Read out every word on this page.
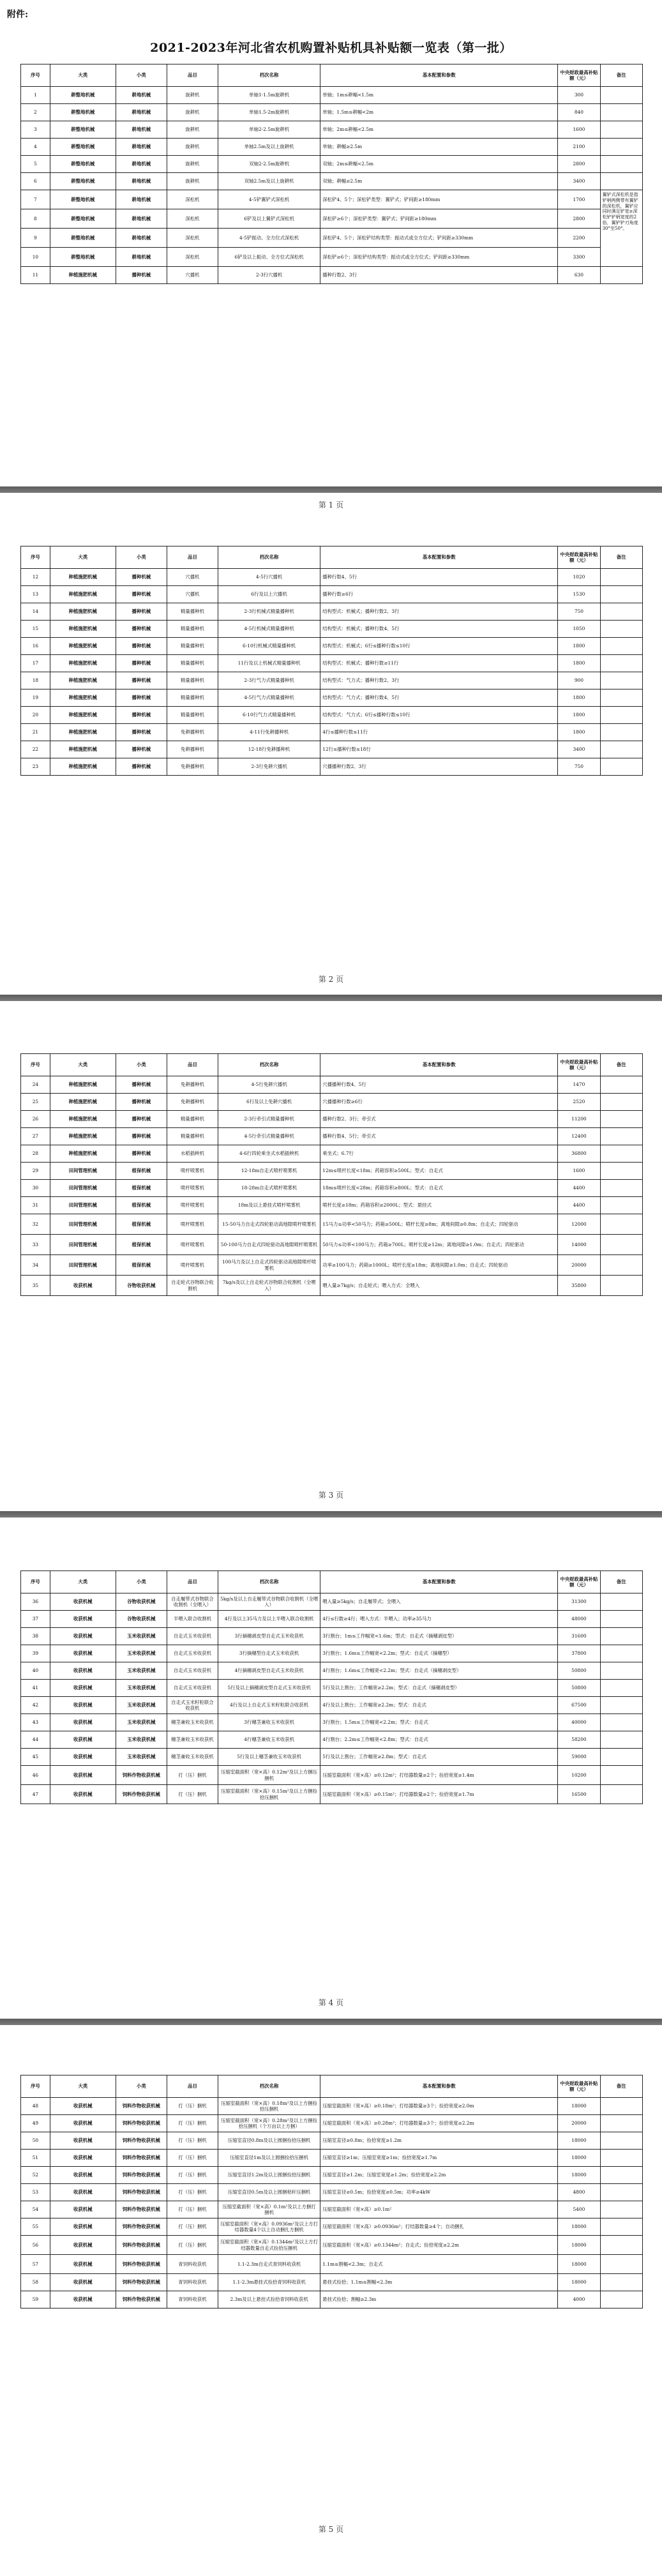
附件:
2021-2023年河北省农机购置补贴机具补贴额一览表（第一批）
序号	大类	小类	品目	档次名称	基本配置和参数	中央财政最高补贴额（元）	备注
1	耕整地机械	耕地机械	旋耕机	单轴1-1.5m旋耕机	单轴；1m≤耕幅<1.5m	300	
2	耕整地机械	耕地机械	旋耕机	单轴1.5-2m旋耕机	单轴；1.5m≤耕幅<2m	840	
3	耕整地机械	耕地机械	旋耕机	单轴2-2.5m旋耕机	单轴；2m≤耕幅<2.5m	1600	
4	耕整地机械	耕地机械	旋耕机	单轴2.5m及以上旋耕机	单轴；耕幅≥2.5m	2100	
5	耕整地机械	耕地机械	旋耕机	双轴2-2.5m旋耕机	双轴；2m≤耕幅<2.5m	2800	
6	耕整地机械	耕地机械	旋耕机	双轴2.5m及以上旋耕机	双轴；耕幅≥2.5m	3400	
7	耕整地机械	耕地机械	深松机	4-5铲翼铲式深松机	深松铲4、5个；深松铲类型：翼铲式；铲间距≥180mm	1700	翼铲式深松机是指铲柄两侧带有翼铲的深松机，翼铲应同时满足铲宽≥深松铲铲柄宽度的2倍，翼铲铲刃角度30°至50°。
8	耕整地机械	耕地机械	深松机	6铲及以上翼铲式深松机	深松铲≥6个；深松铲类型：翼铲式；铲间距≥180mm	2800	
9	耕整地机械	耕地机械	深松机	4-5铲振动、全方位式深松机	深松铲4、5个；深松铲结构类型：振动式或全方位式；铲间距≥330mm	2200	
10	耕整地机械	耕地机械	深松机	6铲及以上振动、全方位式深松机	深松铲≥6个；深松铲结构类型：振动式或全方位式；铲间距≥330mm	3300	
11	种植施肥机械	播种机械	穴播机	2-3行穴播机	播种行数2、3行	630	
第 1 页
序号	大类	小类	品目	档次名称	基本配置和参数	中央财政最高补贴额（元）	备注
12	种植施肥机械	播种机械	穴播机	4-5行穴播机	播种行数4、5行	1020	
13	种植施肥机械	播种机械	穴播机	6行及以上穴播机	播种行数≥6行	1530	
14	种植施肥机械	播种机械	精量播种机	2-3行机械式精量播种机	结构型式：机械式；播种行数2、3行	750	
15	种植施肥机械	播种机械	精量播种机	4-5行机械式精量播种机	结构型式：机械式；播种行数4、5行	1050	
16	种植施肥机械	播种机械	精量播种机	6-10行机械式精量播种机	结构型式：机械式；6行≤播种行数≤10行	1800	
17	种植施肥机械	播种机械	精量播种机	11行及以上机械式精量播种机	结构型式：机械式；播种行数≥11行	1800	
18	种植施肥机械	播种机械	精量播种机	2-3行气力式精量播种机	结构型式：气力式；播种行数2、3行	900	
19	种植施肥机械	播种机械	精量播种机	4-5行气力式精量播种机	结构型式：气力式；播种行数4、5行	1800	
20	种植施肥机械	播种机械	精量播种机	6-10行气力式精量播种机	结构型式：气力式；6行≤播种行数≤10行	1800	
21	种植施肥机械	播种机械	免耕播种机	4-11行免耕播种机	4行≤播种行数≤11行	1800	
22	种植施肥机械	播种机械	免耕播种机	12-18行免耕播种机	12行≤播种行数≤18行	3400	
23	种植施肥机械	播种机械	免耕播种机	2-3行免耕穴播机	穴播播种行数2、3行	750	
第 2 页
序号	大类	小类	品目	档次名称	基本配置和参数	中央财政最高补贴额（元）	备注
24	种植施肥机械	播种机械	免耕播种机	4-5行免耕穴播机	穴播播种行数4、5行	1470	
25	种植施肥机械	播种机械	免耕播种机	6行及以上免耕穴播机	穴播播种行数≥6行	2520	
26	种植施肥机械	播种机械	精量播种机	2-3行牵引式精量播种机	播种行数2、3行；牵引式	11200	
27	种植施肥机械	播种机械	精量播种机	4-5行牵引式精量播种机	播种行数4、5行；牵引式	12400	
28	种植施肥机械	播种机械	水稻插秧机	4-6行四轮乘坐式水稻插秧机	乘坐式；6.7行	36800	
29	田间管理机械	植保机械	喷杆喷雾机	12-18m自走式喷杆喷雾机	12m≤喷杆长度<18m；药箱容积≥500L；型式：自走式	1600	
30	田间管理机械	植保机械	喷杆喷雾机	18-28m自走式喷杆喷雾机	18m≤喷杆长度<28m；药箱容积≥800L；型式：自走式	4400	
31	田间管理机械	植保机械	喷杆喷雾机	18m及以上悬挂式喷杆喷雾机	喷杆长度≥18m；药箱容积≥2000L；型式：悬挂式	4400	
32	田间管理机械	植保机械	喷杆喷雾机	15-50马力自走式四轮驱动高地隙喷杆喷雾机	15马力≤功率<50马力；药箱≥500L；喷杆长度≥8m；离地间隙≥0.8m；自走式；四轮驱动	12000	
33	田间管理机械	植保机械	喷杆喷雾机	50-100马力自走式四轮驱动高地隙喷杆喷雾机	50马力≤功率<100马力；药箱≥700L；喷杆长度≥12m；离地间隙≥1.0m；自走式；四轮驱动	14000	
34	田间管理机械	植保机械	喷杆喷雾机	100马力及以上自走式四轮驱动高地隙喷杆喷雾机	功率≥100马力；药箱≥1000L；喷杆长度≥18m；离地间隙≥1.0m；自走式；四轮驱动	20000	
35	收获机械	谷物收获机械	自走轮式谷物联合收割机	7kg/s及以上自走轮式谷物联合收割机（全喂入）	喂入量≥7kg/s；自走轮式；喂入方式：全喂入	35800	
第 3 页
序号	大类	小类	品目	档次名称	基本配置和参数	中央财政最高补贴额（元）	备注
36	收获机械	谷物收获机械	自走履带式谷物联合收割机（全喂入）	5kg/s及以上自走履带式谷物联合收割机（全喂入）	喂入量≥5kg/s；自走履带式；全喂入	31300	
37	收获机械	谷物收获机械	半喂入联合收割机	4行及以上35马力及以上半喂入联合收割机	4行≤行数≥4行；喂入方式：半喂入；功率≥35马力	48000	
38	收获机械	玉米收获机械	自走式玉米收获机	3行摘穗剥皮型自走式玉米收获机	3行割台；1m≤工作幅宽<1.6m；型式：自走式（摘穗剥皮型）	31600	
39	收获机械	玉米收获机械	自走式玉米收获机	3行摘穗型自走式玉米收获机	3行割台；1.6m≤工作幅宽<2.2m；型式：自走式（摘穗型）	37800	
40	收获机械	玉米收获机械	自走式玉米收获机	4行摘穗剥皮型自走式玉米收获机	4行割台；1.6m≤工作幅宽<2.2m；型式：自走式（摘穗剥皮型）	50800	
41	收获机械	玉米收获机械	自走式玉米收获机	5行及以上摘穗剥皮型自走式玉米收获机	5行及以上割台；工作幅宽≥2.2m；型式：自走式（摘穗剥皮型）	50800	
42	收获机械	玉米收获机械	自走式玉米籽粒联合收获机	4行及以上自走式玉米籽粒联合收获机	4行及以上割台；工作幅宽≥2.2m；型式：自走式	67500	
43	收获机械	玉米收获机械	穗茎兼收玉米收获机	3行穗茎兼收玉米收获机	3行割台；1.5m≤工作幅宽<2.2m；型式：自走式	40000	
44	收获机械	玉米收获机械	穗茎兼收玉米收获机	4行穗茎兼收玉米收获机	4行割台；2.2m≤工作幅宽<2.8m；型式：自走式	58200	
45	收获机械	玉米收获机械	穗茎兼收玉米收获机	5行及以上穗茎兼收玉米收获机	5行及以上割台；工作幅宽≥2.8m；型式：自走式	59000	
46	收获机械	饲料作物收获机械	打（压）捆机	压缩室截面积（宽×高）0.12m²及以上方捆压捆机	压缩室截面积（宽×高）≥0.12m²；打结器数量≥2个；捡拾宽度≥1.4m	10200	
47	收获机械	饲料作物收获机械	打（压）捆机	压缩室截面积（宽×高）0.15m²及以上方捆捡拾压捆机	压缩室截面积（宽×高）≥0.15m²；打结器数量≥2个；捡拾宽度≥1.7m	16500	
第 4 页
序号	大类	小类	品目	档次名称	基本配置和参数	中央财政最高补贴额（元）	备注
48	收获机械	饲料作物收获机械	打（压）捆机	压缩室截面积（宽×高）0.18m²及以上方捆捡拾压捆机	压缩室截面积（宽×高）≥0.18m²；打结器数量≥3个；捡拾宽度≥2.0m	18000	
49	收获机械	饲料作物收获机械	打（压）捆机	压缩室截面积（宽×高）0.28m²及以上方捆捡拾压捆机（个万亩以上方捆）	压缩室截面积（宽×高）≥0.28m²；打结器数量≥3个；捡拾宽度≥2.2m	20000	
50	收获机械	饲料作物收获机械	打（压）捆机	压缩室直径0.8m及以上圆捆捡拾压捆机	压缩室直径≥0.8m；捡拾宽度≥1.2m	18000	
51	收获机械	饲料作物收获机械	打（压）捆机	压缩室直径1m及以上圆捆捡拾压捆机	压缩室直径≥1m；压缩室宽度≥1m；捡拾宽度≥1.7m	18000	
52	收获机械	饲料作物收获机械	打（压）捆机	压缩室直径1.2m及以上圆捆捡拾压捆机	压缩室直径≥1.2m；压缩室宽度≥1.2m；捡拾宽度≥2.2m	18000	
53	收获机械	饲料作物收获机械	打（压）捆机	压缩室直径0.5m及以上圆捆秸秆压捆机	压缩室直径≥0.5m；捡拾宽度≥0.5m；功率≥4kW	4800	
54	收获机械	饲料作物收获机械	打（压）捆机	压缩室截面积（宽×高）0.1m²及以上方捆打捆机	压缩室截面积（宽×高）≥0.1m²	5400	
55	收获机械	饲料作物收获机械	打（压）捆机	压缩室截面积（宽×高）0.0936m²及以上方打结器数量4个以上自动捆扎方捆机	压缩室截面积（宽×高）≥0.0936m²；打结器数量≥4个；自动捆扎	18000	
56	收获机械	饲料作物收获机械	打（压）捆机	压缩室截面积（宽×高）0.1344m²及以上方打结器数量自走式捡拾压捆机	压缩室截面积（宽×高）≥0.1344m²；自走式；捡拾宽度≥2.2m	18000	
57	收获机械	饲料作物收获机械	青饲料收获机	1.1-2.3m自走式青饲料收获机	1.1m≤割幅<2.3m；自走式	18000	
58	收获机械	饲料作物收获机械	青饲料收获机	1.1-2.3m悬挂式捡拾青饲料收获机	悬挂式捡拾；1.1m≤割幅<2.3m	18000	
59	收获机械	饲料作物收获机械	青饲料收获机	2.3m及以上悬挂式捡拾青饲料收获机	悬挂式捡拾；割幅≥2.3m	4000	
第 5 页
